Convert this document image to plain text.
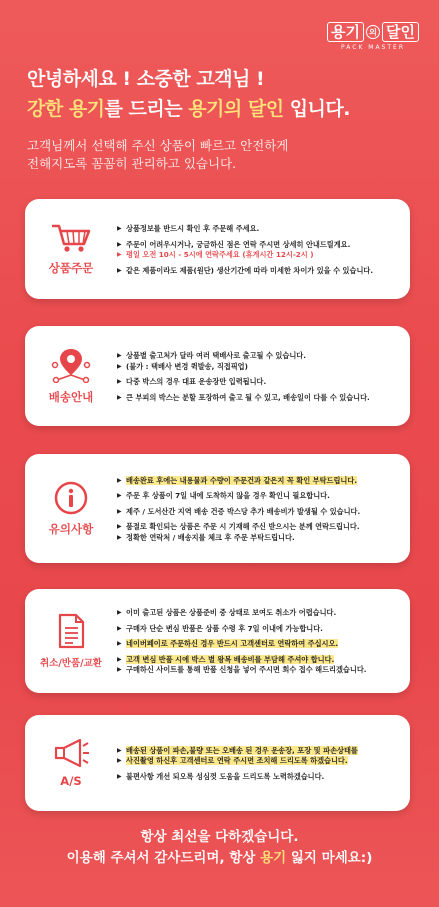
용기	의 달인
PACK MASTER
안녕하세요 ! 소중한 고객님 !
강한 용기를 드리는 용기의 달인 입니다.
고객님께서 선택해 주신 상품이 빠르고 안전하게
전해지도록 꼼꼼히 관리하고 있습니다.
상품주문
▶ 상품정보를 반드시 확인 후 주문해 주세요.
▶ 주문이 어려우시거나, 궁금하신 점은 연락 주시면 상세히 안내드릴게요.
▶ 평일 오전 10시 - 5시에 연락주세요 (휴게시간 12시-2시 )
▶ 같은 제품이라도 제품(원단) 생산기간에 따라 미세한 차이가 있을 수 있습니다.
배송안내
▶ 상품별 출고처가 달라 여러 택배사로 출고될 수 있습니다.
▶ (불가 : 택배사 변경 퀵발송, 직접픽업)
▶ 다중 박스의 경우 대표 운송장만 입력됩니다.
▶ 큰 부피의 박스는 분할 포장하여 출고 될 수 있고, 배송일이 다를 수 있습니다.
유의사항
▶ 배송완료 후에는 내용물과 수량이 주문건과 같은지 꼭 확인 부탁드립니다.
▶ 주문 후 상품이 7일 내에 도착하지 않을 경우 확인니 필요합니다.
▶ 제주 / 도서산간 지역 배송 건증 박스당 추가 배송비가 발생될 수 있습니다.
▶ 품절로 확인되는 상품은 주문 시 기재해 주신 받으시는 분께 연락드립니다.
▶ 정확한 연락처 / 배송지를 체크 후 주문 부탁드립니다.
취소/반품/교환
▶ 이미 출고된 상품은 상품준비 중 상태로 보여도 취소가 어렵습니다.
▶ 구매자 단순 변심 반품은 상품 수령 후 7일 이내에 가능합니다.
▶ 네이버페이로 주문하신 경우 반드시 고객센터로 연락하여 주십시오.
▶ 고객 변심 반품 시에 박스 별 왕복 배송비를 부담해 주셔야 합니다.
▶ 구매하신 사이트를 통해 반품 신청을 넣어 주시면 회수 접수 해드리겠습니다.
A/S
▶ 배송된 상품이 파손,불량 또는 오배송 된 경우 운송장, 포장 및 파손상태를
▶ 사진촬영 하신후 고객센터로 연락 주시면 조치해 드리도록 하겠습니다.
▶ 불편사항 개선 되오록 성심껏 도움을 드리도록 노력하겠습니다.
항상 최선을 다하겠습니다.
이용해 주셔서 감사드리며, 항상 용기 잃지 마세요:)
